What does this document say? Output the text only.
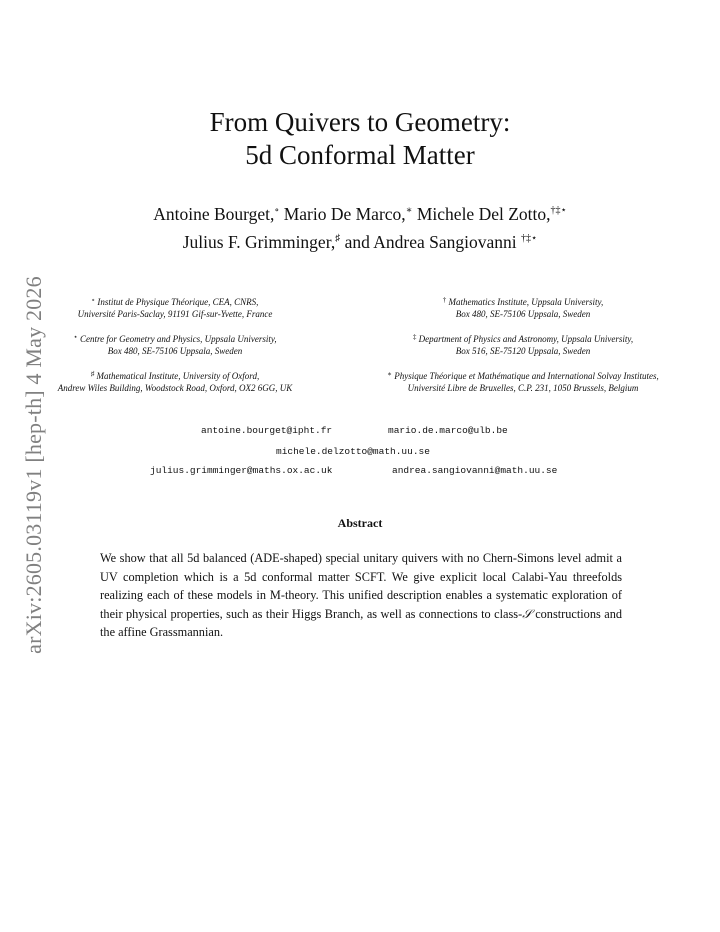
arXiv:2605.03119v1 [hep-th] 4 May 2026
From Quivers to Geometry:
5d Conformal Matter
Antoine Bourget,∘ Mario De Marco,∗ Michele Del Zotto,†‡⋆
Julius F. Grimminger,♯ and Andrea Sangiovanni †‡⋆
∘ Institut de Physique Théorique, CEA, CNRS,
Université Paris-Saclay, 91191 Gif-sur-Yvette, France
† Mathematics Institute, Uppsala University,
Box 480, SE-75106 Uppsala, Sweden
⋆ Centre for Geometry and Physics, Uppsala University,
Box 480, SE-75106 Uppsala, Sweden
‡ Department of Physics and Astronomy, Uppsala University,
Box 516, SE-75120 Uppsala, Sweden
♯ Mathematical Institute, University of Oxford,
Andrew Wiles Building, Woodstock Road, Oxford, OX2 6GG, UK
∗ Physique Théorique et Mathématique and International Solvay Institutes,
Université Libre de Bruxelles, C.P. 231, 1050 Brussels, Belgium
antoine.bourget@ipht.fr	mario.de.marco@ulb.be
michele.delzotto@math.uu.se
julius.grimminger@maths.ox.ac.uk	andrea.sangiovanni@math.uu.se
Abstract
We show that all 5d balanced (ADE-shaped) special unitary quivers with no Chern-Simons level admit a UV completion which is a 5d conformal matter SCFT. We give explicit local Calabi-Yau threefolds realizing each of these models in M-theory. This unified description enables a systematic exploration of their physical properties, such as their Higgs Branch, as well as connections to class-𝒮 constructions and the affine Grassmannian.
